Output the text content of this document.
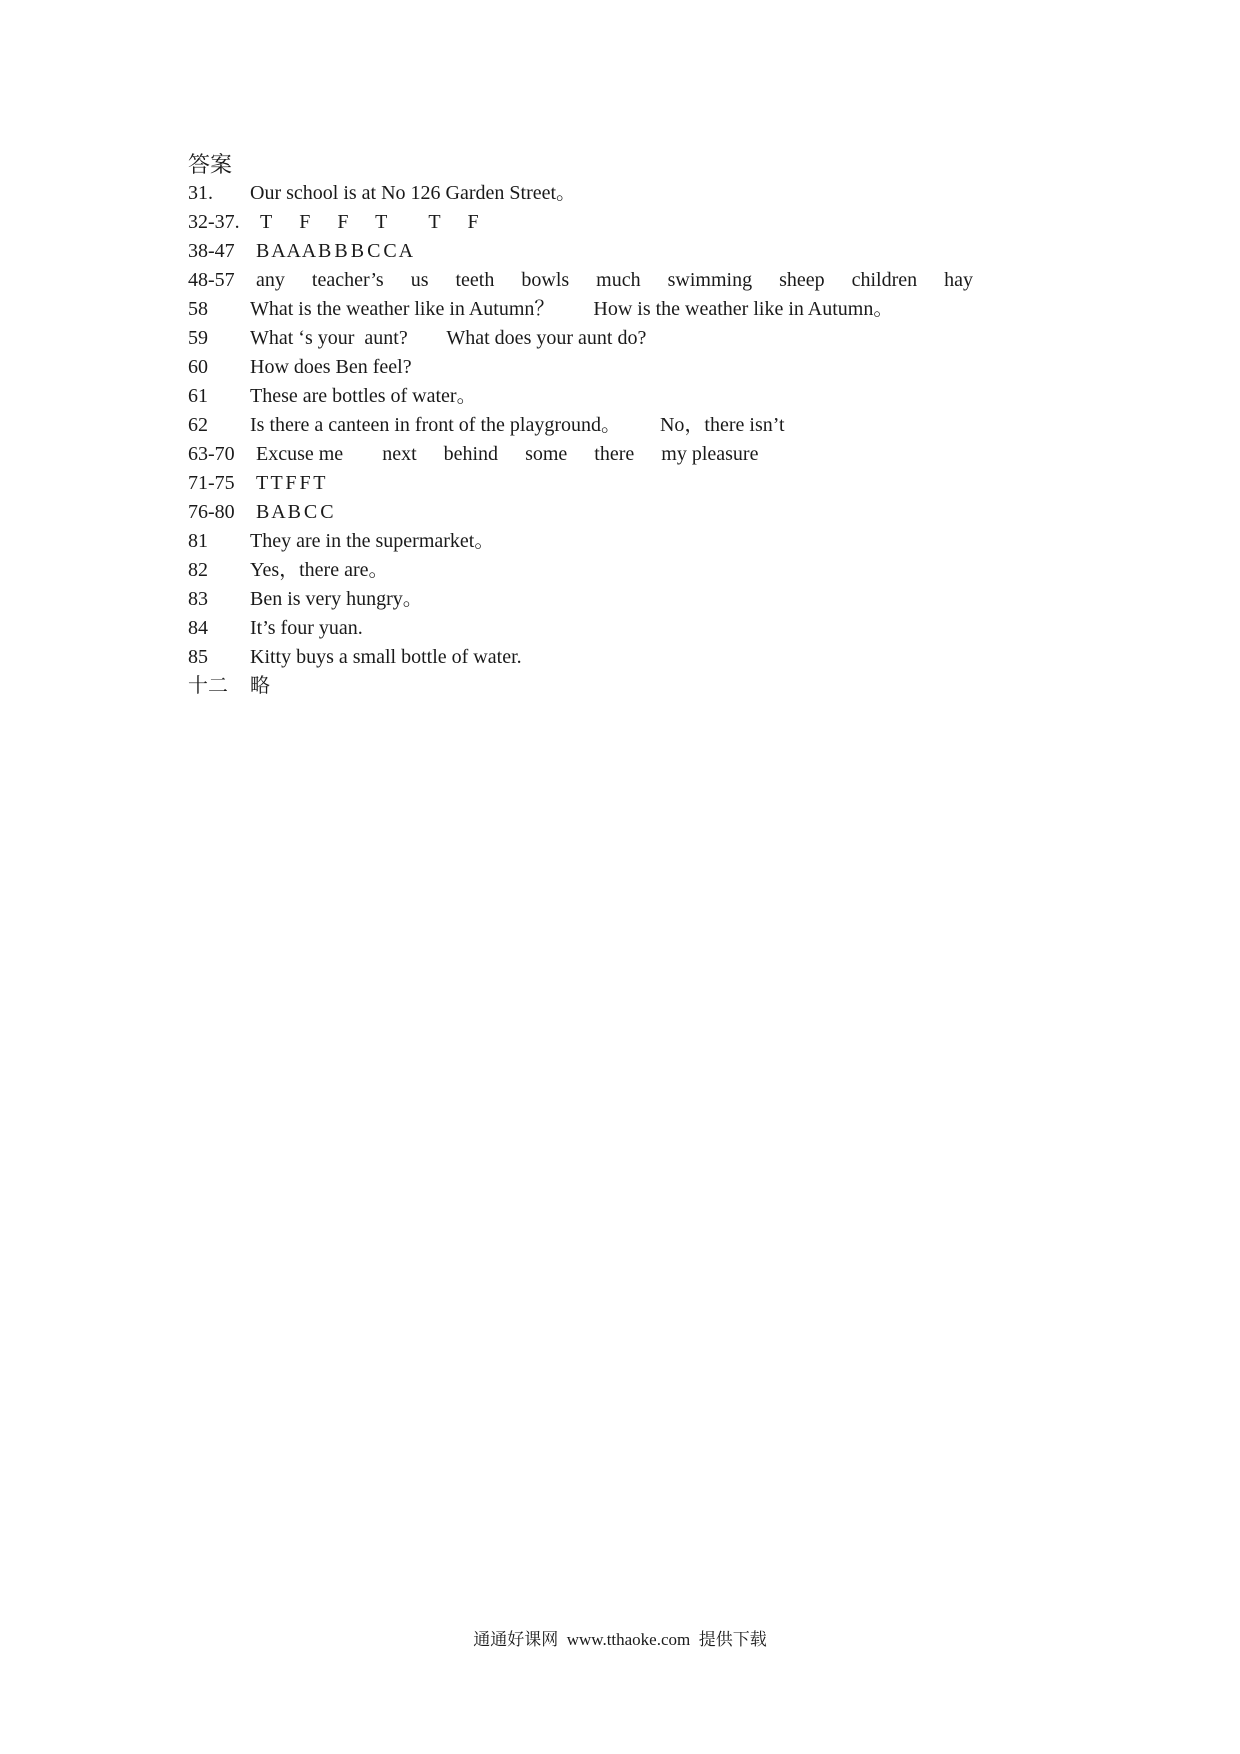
答案
31. Our school is at No 126 Garden Street。
32-37. T F F T T F
38-47 B A A A B B B C C A
48-57 any teacher’s us teeth bowls much swimming sheep children hay
58 What is the weather like in Autumn？ How is the weather like in Autumn。
59 What ‘s your  aunt? What does your aunt do?
60 How does Ben feel?
61 These are bottles of water。
62 Is there a canteen in front of the playground。 No，there isn’t
63-70 Excuse me next behind some there my pleasure
71-75 T T F F T
76-80 B A B C C
81 They are in the supermarket。
82 Yes，there are。
83 Ben is very hungry。
84 It’s four yuan.
85 Kitty buys a small bottle of water.
十二 略
通通好课网  www.tthaoke.com  提供下载
